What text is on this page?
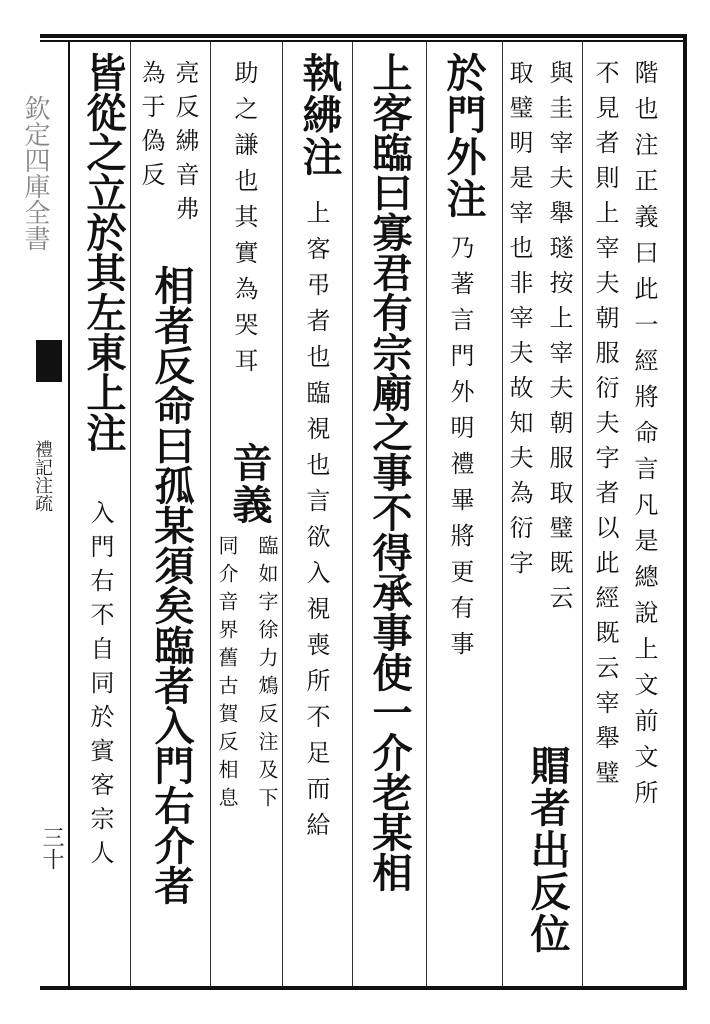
欽定四庫全書
禮記注疏
三十
階也注正義曰此一經將命言凡是總說上文前文所
不見者則上宰夫朝服衍夫字者以此經既云宰舉璧
與圭宰夫舉璲按上宰夫朝服取璧既云
取璧明是宰也非宰夫故知夫為衍字
賵者出反位
於門外注
乃著言門外明禮畢將更有事
上客臨曰寡君有宗廟之事不得承事使一介老某相
執紼注
上客弔者也臨視也言欲入視喪所不足而給
助之謙也其實為哭耳
音義
臨如字徐力鴆反注及下
同介音界舊古賀反相息
亮反紼音弗
為于偽反
相者反命曰孤某須矣臨者入門右介者
皆從之立於其左東上注
入門右不自同於賓客宗人
